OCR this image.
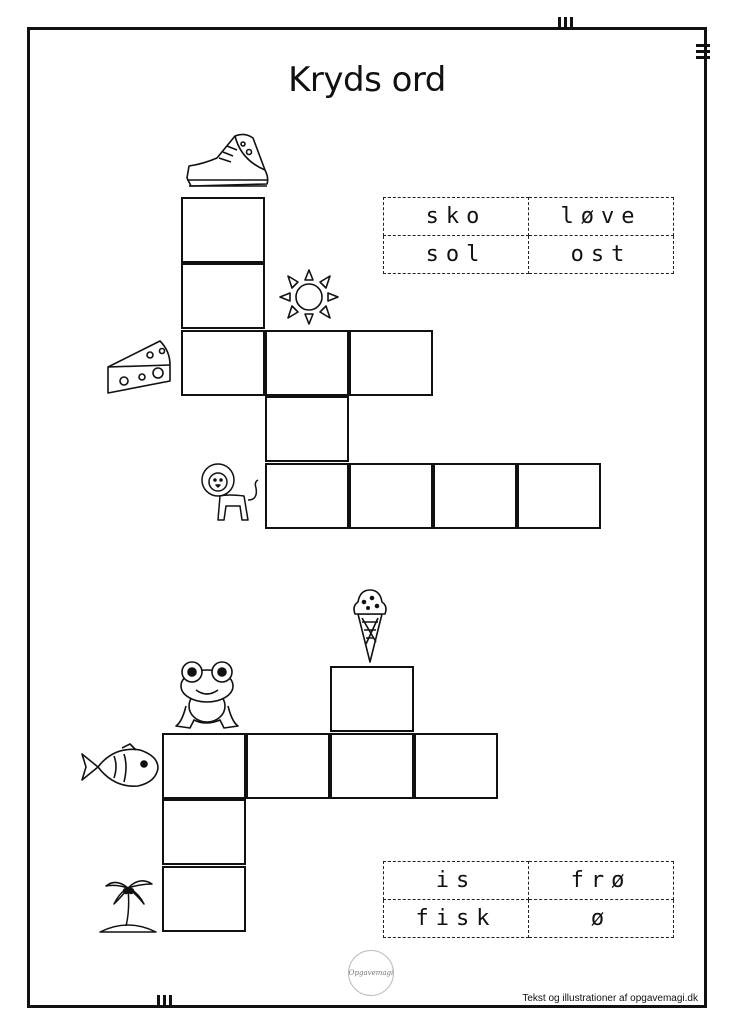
Kryds ord
sko	løve
sol	ost
is	frø
fisk	ø
Opgavemagi
Tekst og illustrationer af opgavemagi.dk
